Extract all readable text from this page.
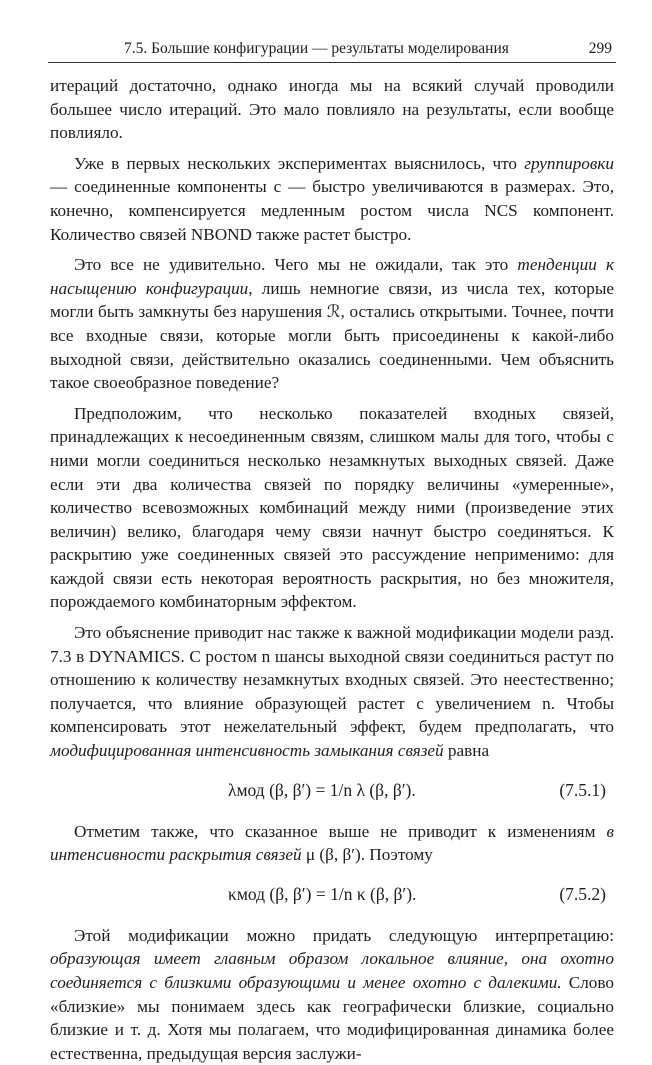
7.5. Большие конфигурации — результаты моделирования	299

итераций достаточно, однако иногда мы на всякий случай проводили большее число итераций. Это мало повлияло на результаты, если вообще повлияло.

Уже в первых нескольких экспериментах выяснилось, что группировки — соединенные компоненты c — быстро увеличиваются в размерах. Это, конечно, компенсируется медленным ростом числа NCS компонент. Количество связей NBOND также растет быстро.

Это все не удивительно. Чего мы не ожидали, так это тенденции к насыщению конфигурации, лишь немногие связи, из числа тех, которые могли быть замкнуты без нарушения ℛ, остались открытыми. Точнее, почти все входные связи, которые могли быть присоединены к какой-либо выходной связи, действительно оказались соединенными. Чем объяснить такое своеобразное поведение?

Предположим, что несколько показателей входных связей, принадлежащих к несоединенным связям, слишком малы для того, чтобы с ними могли соединиться несколько незамкнутых выходных связей. Даже если эти два количества связей по порядку величины «умеренные», количество всевозможных комбинаций между ними (произведение этих величин) велико, благодаря чему связи начнут быстро соединяться. К раскрытию уже соединенных связей это рассуждение неприменимо: для каждой связи есть некоторая вероятность раскрытия, но без множителя, порождаемого комбинаторным эффектом.

Это объяснение приводит нас также к важной модификации модели разд. 7.3 в DYNAMICS. С ростом n шансы выходной связи соединиться растут по отношению к количеству незамкнутых входных связей. Это неестественно; получается, что влияние образующей растет с увеличением n. Чтобы компенсировать этот нежелательный эффект, будем предполагать, что модифицированная интенсивность замыкания связей равна

λмод (β, β′) = 1/n λ (β, β′).	(7.5.1)

Отметим также, что сказанное выше не приводит к изменениям в интенсивности раскрытия связей μ (β, β′). Поэтому

κмод (β, β′) = 1/n κ (β, β′).	(7.5.2)

Этой модификации можно придать следующую интерпретацию: образующая имеет главным образом локальное влияние, она охотно соединяется с близкими образующими и менее охотно с далекими. Слово «близкие» мы понимаем здесь как географически близкие, социально близкие и т. д. Хотя мы полагаем, что модифицированная динамика более естественна, предыдущая версия заслужи-
